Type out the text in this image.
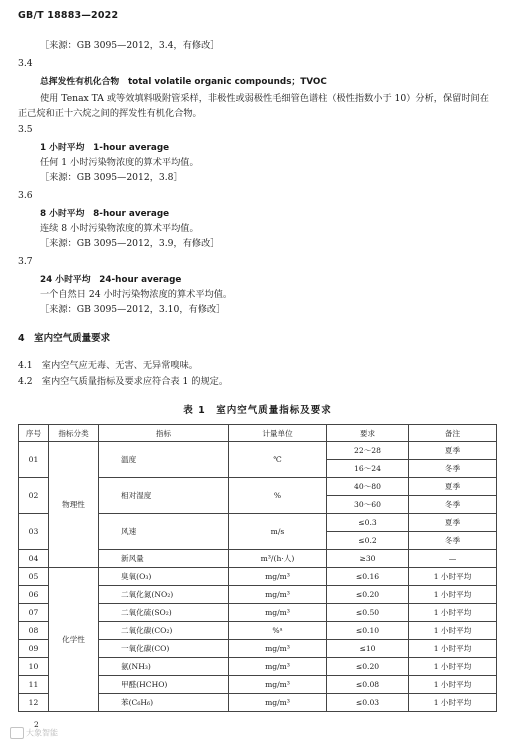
GB/T 18883—2022
［来源：GB 3095—2012，3.4，有修改］
3.4
总挥发性有机化合物　total volatile organic compounds；TVOC
使用 Tenax TA 或等效填料吸附管采样，非极性或弱极性毛细管色谱柱（极性指数小于 10）分析，保留时间在正己烷和正十六烷之间的挥发性有机化合物。
3.5
1 小时平均　1-hour average
任何 1 小时污染物浓度的算术平均值。
［来源：GB 3095—2012，3.8］
3.6
8 小时平均　8-hour average
连续 8 小时污染物浓度的算术平均值。
［来源：GB 3095—2012，3.9，有修改］
3.7
24 小时平均　24-hour average
一个自然日 24 小时污染物浓度的算术平均值。
［来源：GB 3095—2012，3.10，有修改］
4　室内空气质量要求
4.1　室内空气应无毒、无害、无异常嗅味。
4.2　室内空气质量指标及要求应符合表 1 的规定。
表 1　室内空气质量指标及要求
序号	指标分类	指标	计量单位	要求	备注
01	物理性	温度	℃	22～28	夏季
				16～24	冬季
02		相对湿度	%	40～80	夏季
				30～60	冬季
03		风速	m/s	≤0.3	夏季
				≤0.2	冬季
04		新风量	m³/(h·人)	≥30	—
05	化学性	臭氧(O₃)	mg/m³	≤0.16	1 小时平均
06		二氧化氮(NO₂)	mg/m³	≤0.20	1 小时平均
07		二氧化硫(SO₂)	mg/m³	≤0.50	1 小时平均
08		二氧化碳(CO₂)	%ᵃ	≤0.10	1 小时平均
09		一氧化碳(CO)	mg/m³	≤10	1 小时平均
10		氨(NH₃)	mg/m³	≤0.20	1 小时平均
11		甲醛(HCHO)	mg/m³	≤0.08	1 小时平均
12		苯(C₆H₆)	mg/m³	≤0.03	1 小时平均
2
大象智能
